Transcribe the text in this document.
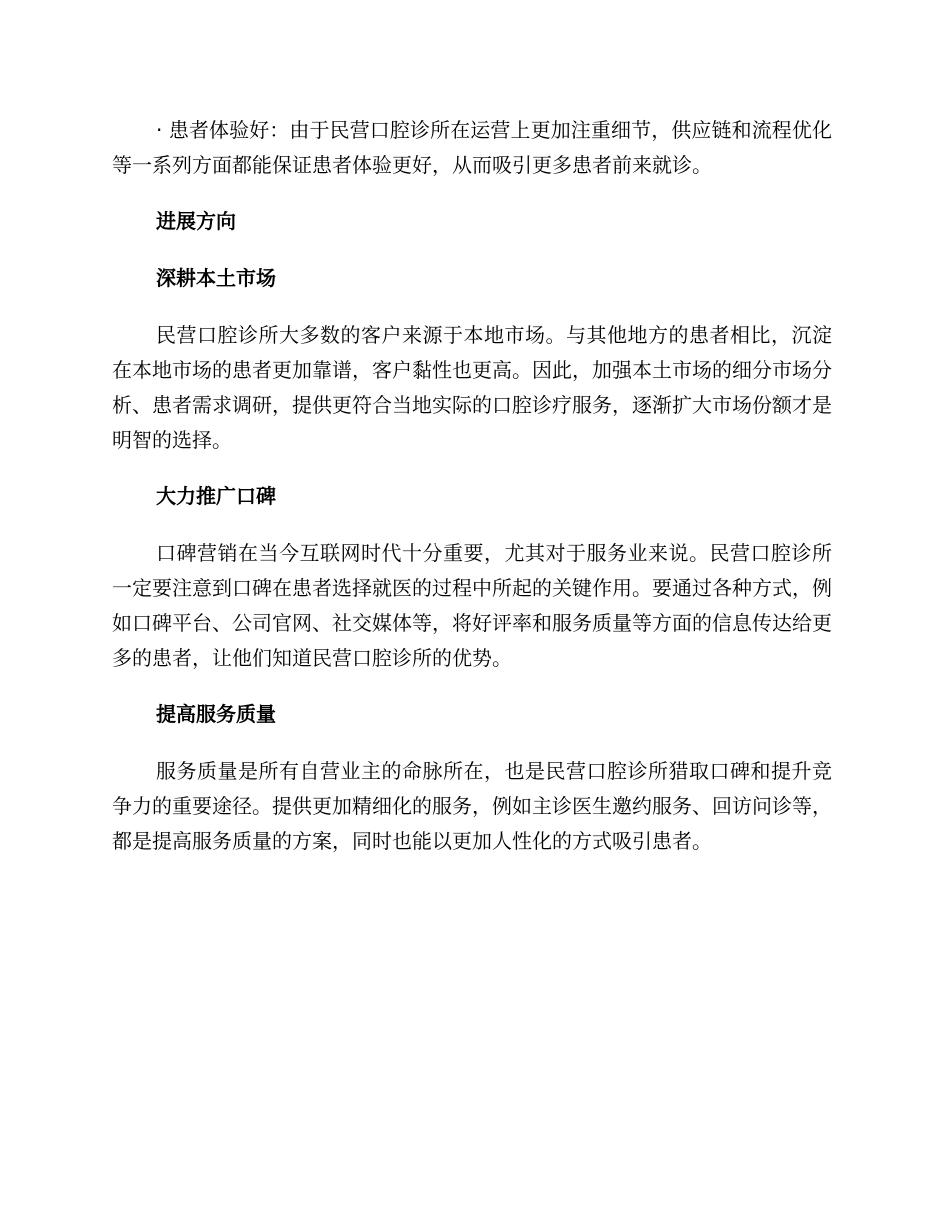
· 患者体验好：由于民营口腔诊所在运营上更加注重细节，供应链和流程优化等一系列方面都能保证患者体验更好，从而吸引更多患者前来就诊。

进展方向
深耕本土市场

民营口腔诊所大多数的客户来源于本地市场。与其他地方的患者相比，沉淀在本地市场的患者更加靠谱，客户黏性也更高。因此，加强本土市场的细分市场分析、患者需求调研，提供更符合当地实际的口腔诊疗服务，逐渐扩大市场份额才是明智的选择。

大力推广口碑

口碑营销在当今互联网时代十分重要，尤其对于服务业来说。民营口腔诊所一定要注意到口碑在患者选择就医的过程中所起的关键作用。要通过各种方式，例如口碑平台、公司官网、社交媒体等，将好评率和服务质量等方面的信息传达给更多的患者，让他们知道民营口腔诊所的优势。

提高服务质量

服务质量是所有自营业主的命脉所在，也是民营口腔诊所猎取口碑和提升竞争力的重要途径。提供更加精细化的服务，例如主诊医生邀约服务、回访问诊等，都是提高服务质量的方案，同时也能以更加人性化的方式吸引患者。
